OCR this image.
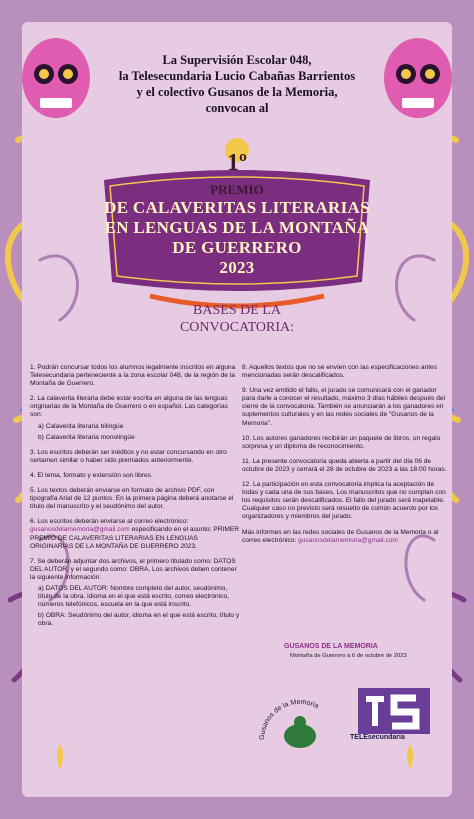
La Supervisión Escolar 048,
la Telesecundaria Lucio Cabañas Barrientos
y el colectivo Gusanos de la Memoria,
convocan al
1º
PREMIO
DE CALAVERITAS LITERARIAS
EN LENGUAS DE LA MONTAÑA
DE GUERRERO
2023
BASES DE LA
CONVOCATORIA:
1. Podrán concursar todos los alumnos legalmente inscritos en alguna Telesecundaria perteneciente a la zona escolar 048, de la región de la Montaña de Guerrero.
2. La calaverita literaria debe estar escrita en alguna de las lenguas originarias de la Montaña de Guerrero o en español. Las categorías son:
a) Calaverita literaria bilingüe
b) Calaverita literaria monolingüe
3. Los escritos deberán ser inéditos y no estar concursando en otro certamen similar o haber sido premiados anteriormente.
4. El tema, formato y extensión son libres.
5. Los textos deberán enviarse en formato de archivo PDF, con tipografía Arial de 12 puntos. En la primera página deberá anotarse el título del manuscrito y el seudónimo del autor.
6. Los escritos deberán enviarse al correo electrónico: gusanosdelamemoria@gmail.com especificando en el asunto: PRIMER PREMIO DE CALAVERITAS LITERARIAS EN LENGUAS ORIGINARIAS DE LA MONTAÑA DE GUERRERO 2023.
7. Se deberán adjuntar dos archivos, el primero titulado como: DATOS DEL AUTOR, y el segundo como: OBRA. Los archivos deben contener la siguiente información:
a) DATOS DEL AUTOR: Nombre completo del autor, seudónimo, título de la obra, idioma en el que está escrito, correo electrónico, números telefónicos, escuela en la que está inscrito.
b) OBRA: Seudónimo del autor, idioma en el que está escrito, título y obra.
8. Aquellos textos que no se envíen con las especificaciones antes mencionadas serán descalificados.
9. Una vez emitido el fallo, el jurado se comunicará con el ganador para darle a conocer el resultado, máximo 3 días hábiles después del cierre de la convocatoria. También se anunciarán a los ganadores en suplementos culturales y en las redes sociales de "Gusanos de la Memoria".
10. Los autores ganadores recibirán un paquete de libros, un regalo sorpresa y un diploma de reconocimiento.
11. La presente convocatoria queda abierta a partir del día 06 de octubre de 2023 y cerrará el 28 de octubre de 2023 a las 18:00 horas.
12. La participación en esta convocatoria implica la aceptación de todas y cada una de sus bases. Los manuscritos que no cumplan con los requisitos serán descalificados. El fallo del jurado será inapelable. Cualquier caso no previsto será resuelto de común acuerdo por los organizadores y miembros del jurado.
Más informes en las redes sociales de Gusanos de la Memoria o al correo electrónico: gusanosdelamemoria@gmail.com
GUSANOS DE LA MEMORIA
Montaña de Guerrero a 6 de octubre de 2023
Gusanos de la Memoria
TELEsecundaria
